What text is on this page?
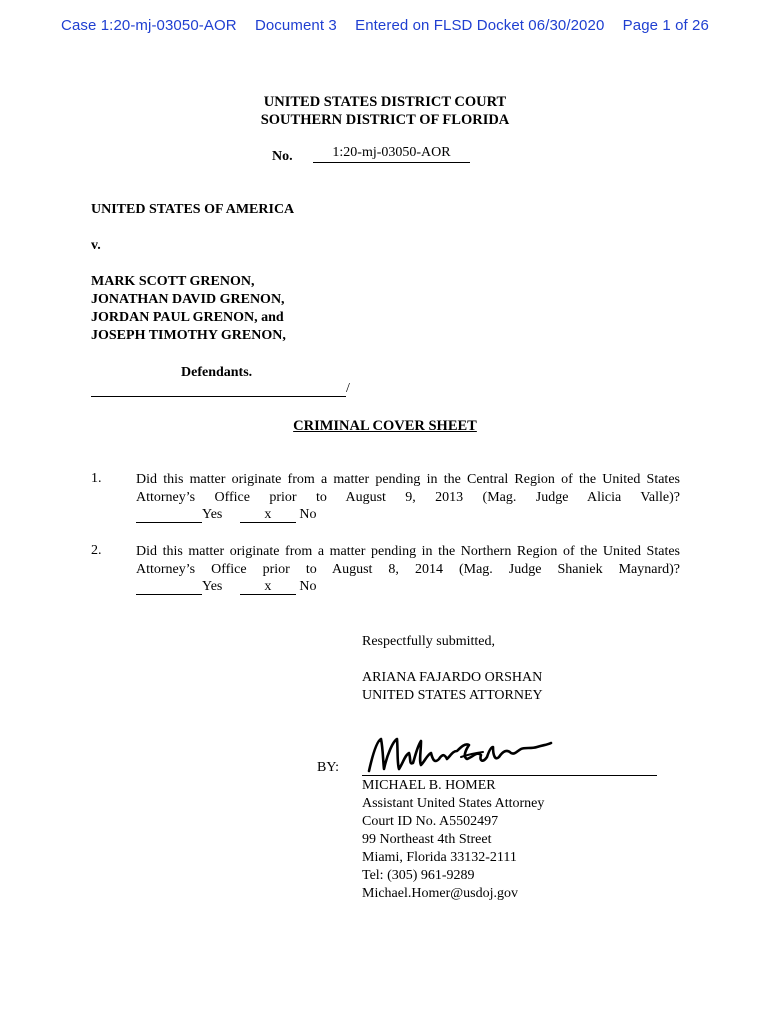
Case 1:20-mj-03050-AOR Document 3 Entered on FLSD Docket 06/30/2020 Page 1 of 26
UNITED STATES DISTRICT COURT
SOUTHERN DISTRICT OF FLORIDA
No.	1:20-mj-03050-AOR
UNITED STATES OF AMERICA
v.
MARK SCOTT GRENON,
JONATHAN DAVID GRENON,
JORDAN PAUL GRENON, and
JOSEPH TIMOTHY GRENON,
Defendants.
/
CRIMINAL COVER SHEET
1. Did this matter originate from a matter pending in the Central Region of the United States
Attorney’s Office prior to August 9, 2013 (Mag. Judge Alicia Valle)?
Yes	x No
2. Did this matter originate from a matter pending in the Northern Region of the United States
Attorney’s Office prior to August 8, 2014 (Mag. Judge Shaniek Maynard)?
Yes	x No
Respectfully submitted,
ARIANA FAJARDO ORSHAN
UNITED STATES ATTORNEY
BY:
MICHAEL B. HOMER
Assistant United States Attorney
Court ID No. A5502497
99 Northeast 4th Street
Miami, Florida 33132-2111
Tel: (305) 961-9289
Michael.Homer@usdoj.gov
